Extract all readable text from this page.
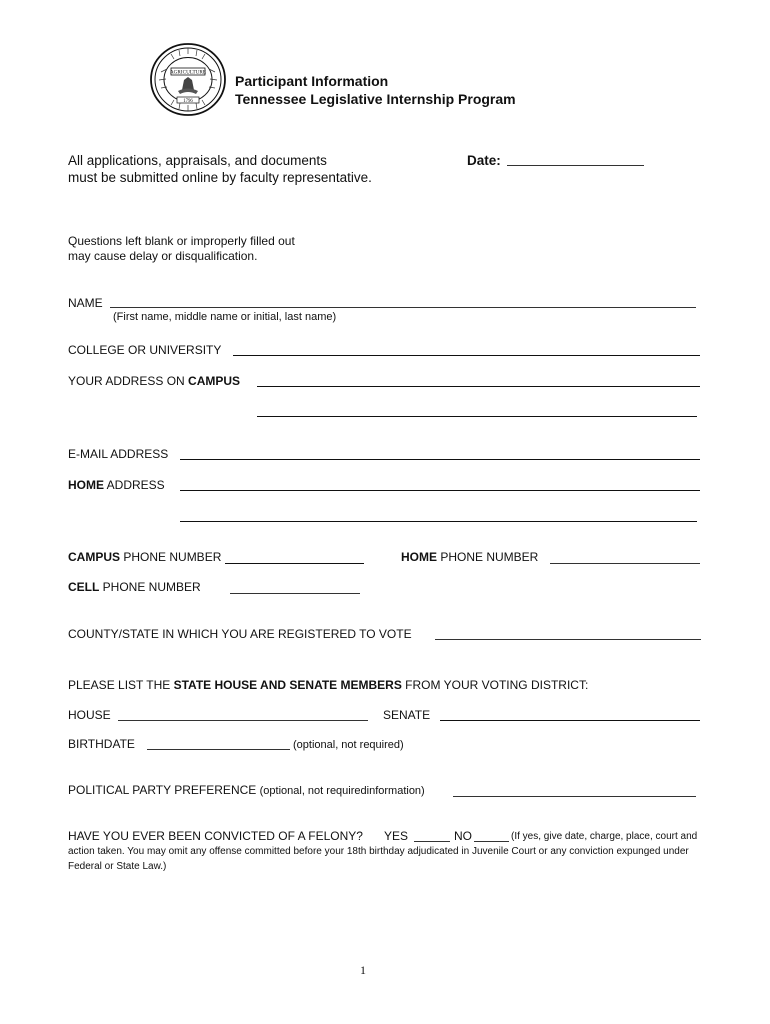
AGRICULTURE
1796
Participant Information
Tennessee Legislative Internship Program
All applications, appraisals, and documents
must be submitted online by faculty representative.
Date:
Questions left blank or improperly filled out
may cause delay or disqualification.
NAME
(First name, middle name or initial, last name)
COLLEGE OR UNIVERSITY
YOUR ADDRESS ON CAMPUS
E-MAIL ADDRESS
HOME ADDRESS
CAMPUS PHONE NUMBER	HOME PHONE NUMBER
CELL PHONE NUMBER
COUNTY/STATE IN WHICH YOU ARE REGISTERED TO VOTE
PLEASE LIST THE STATE HOUSE AND SENATE MEMBERS FROM YOUR VOTING DISTRICT:
HOUSE	SENATE
BIRTHDATE	(optional, not required)
POLITICAL PARTY PREFERENCE (optional, not requiredinformation)
HAVE YOU EVER BEEN CONVICTED OF A FELONY? YES	NO	(If yes, give date, charge, place, court and
action taken. You may omit any offense committed before your 18th birthday adjudicated in Juvenile Court or any conviction expunged under
Federal or State Law.)
1
